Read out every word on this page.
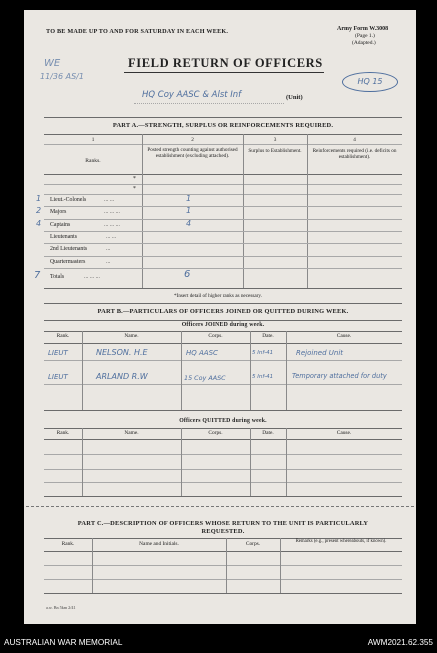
TO BE MADE UP TO AND FOR SATURDAY IN EACH WEEK.	Army Form W.3008
(Page 1.)
(Adapted.)
WE
11/36 AS/1
FIELD RETURN OF OFFICERS
HQ 15
HQ Coy AASC & Alst Inf	(Unit)
PART A.—STRENGTH, SURPLUS OR REINFORCEMENTS REQUIRED.
1	2	3	4
Ranks.
Posted strength counting against authorised establishment (excluding attached).
Surplus to Establishment.	Reinforcements required (i.e. deficits on establishment).
*
*
7 Totals	... ... ...	6
*Insert detail of higher ranks as necessary.
PART B.—PARTICULARS OF OFFICERS JOINED OR QUITTED DURING WEEK.
Officers JOINED during week.
Rank.	Name.	Corps.	Date.	Cause.
LIEUT	NELSON. H.E	HQ AASC	5 Inf-41	Rejoined Unit
LIEUT	ARLAND R.W	15 Coy AASC	5 Inf-41	Temporary attached for duty
Officers QUITTED during week.
Rank.	Name.	Corps.	Date.	Cause.
PART C.—DESCRIPTION OF OFFICERS WHOSE RETURN TO THE UNIT IS PARTICULARLY
REQUESTED.
Rank.	Name and Initials.	Corps.	Remarks (e.g., present whereabouts, if known).
a.w. Bn 5km 2/41
1 Lieut.-Colonels	... ...	1
2 Majors	... ... ...	1
4 Captains	... ... ...	4
Lieutenants	... ...
2nd Lieutenants	...
Quartermasters	...
AUSTRALIAN WAR MEMORIAL	AWM2021.62.355
